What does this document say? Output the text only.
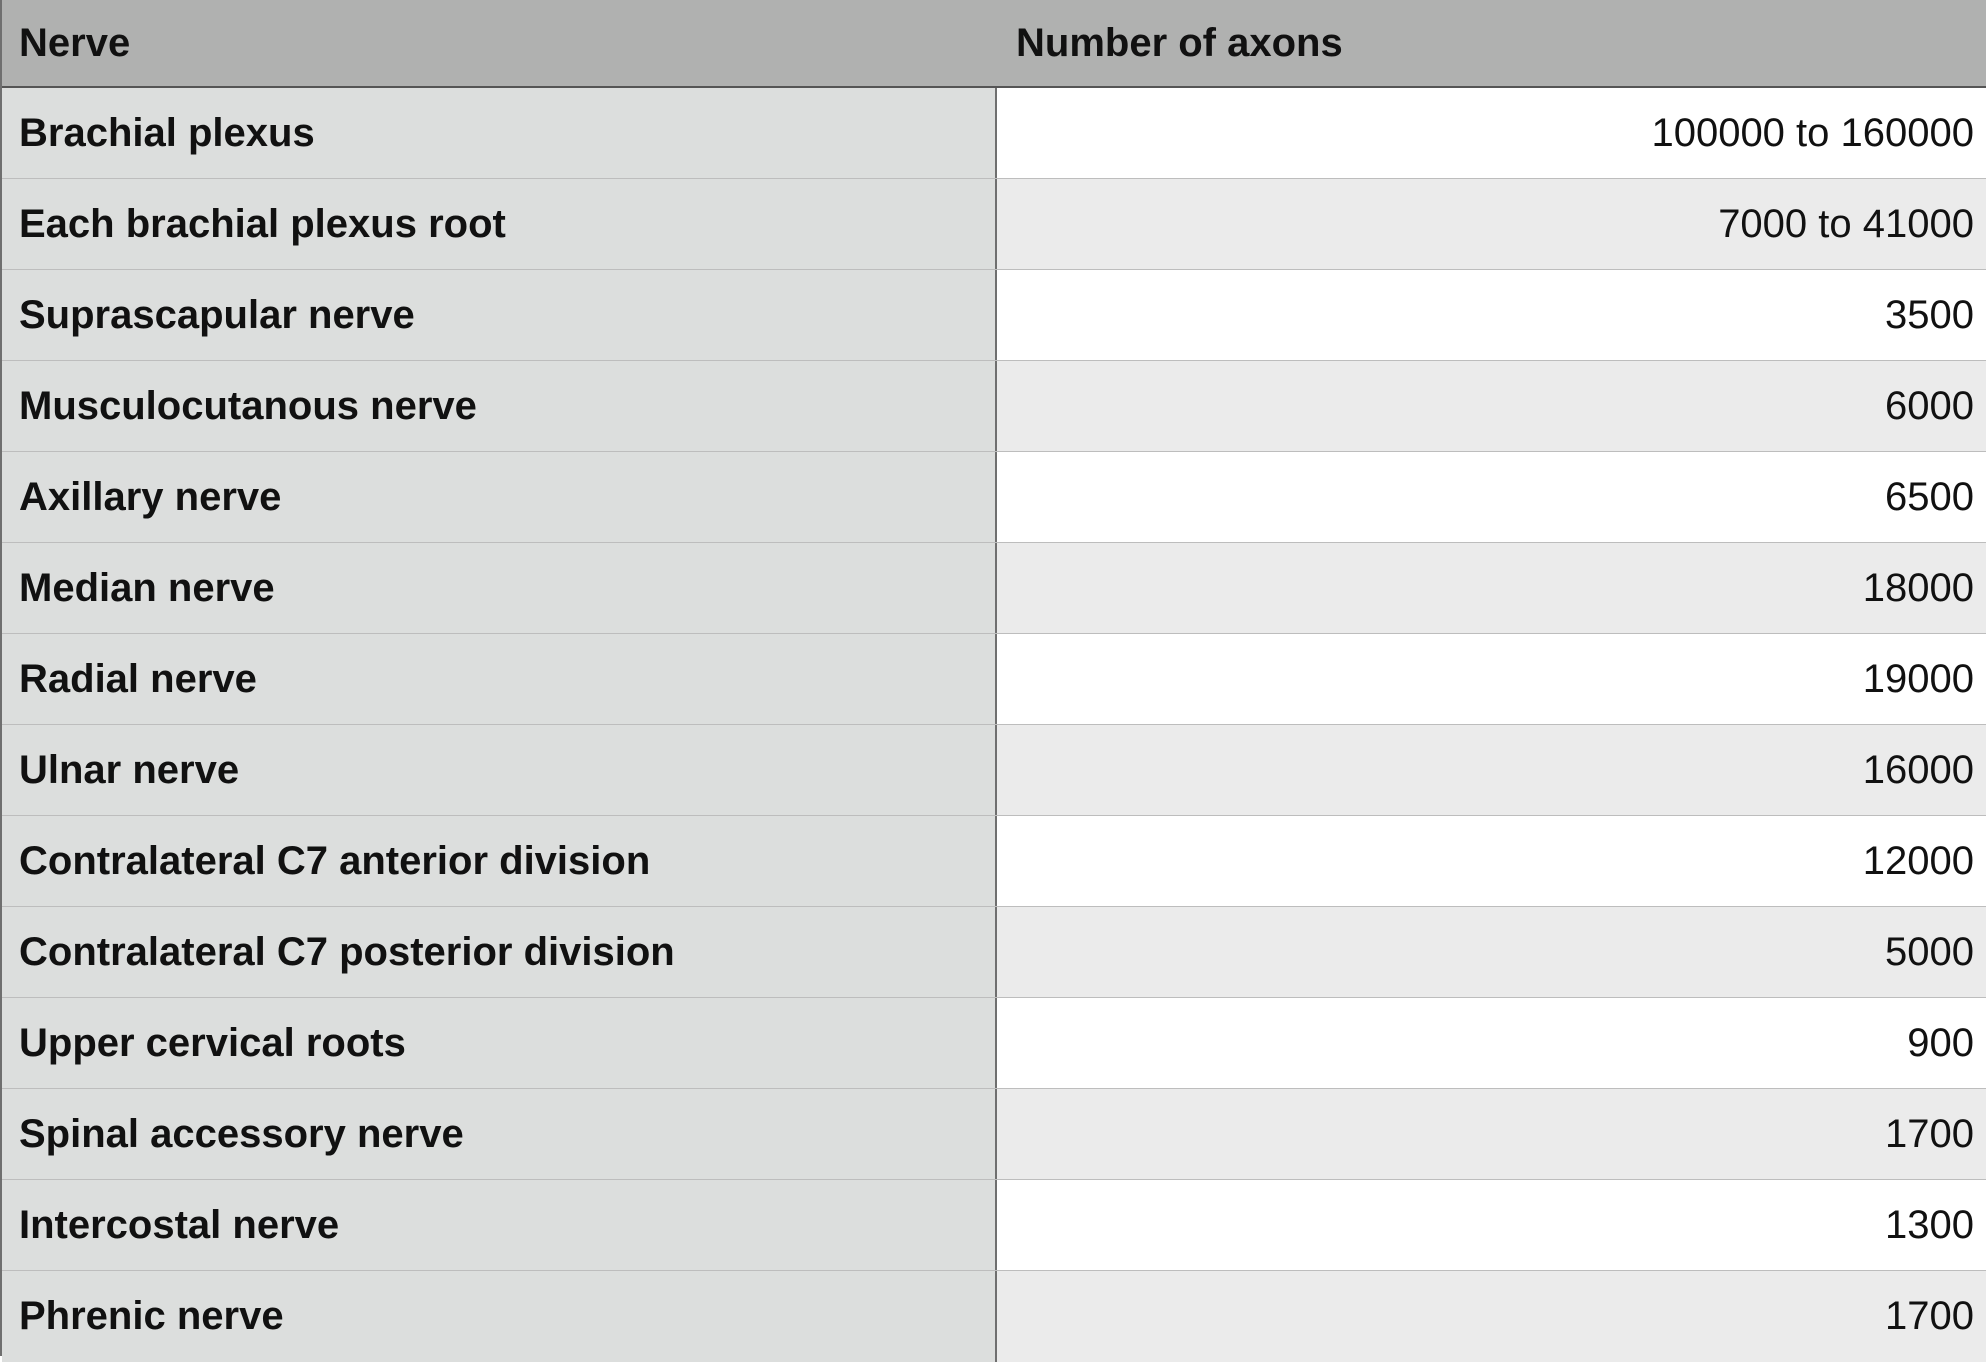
Nerve	Number of axons
Brachial plexus	100000 to 160000
Each brachial plexus root	7000 to 41000
Suprascapular nerve	3500
Musculocutanous nerve	6000
Axillary nerve	6500
Median nerve	18000
Radial nerve	19000
Ulnar nerve	16000
Contralateral C7 anterior division	12000
Contralateral C7 posterior division	5000
Upper cervical roots	900
Spinal accessory nerve	1700
Intercostal nerve	1300
Phrenic nerve	1700
